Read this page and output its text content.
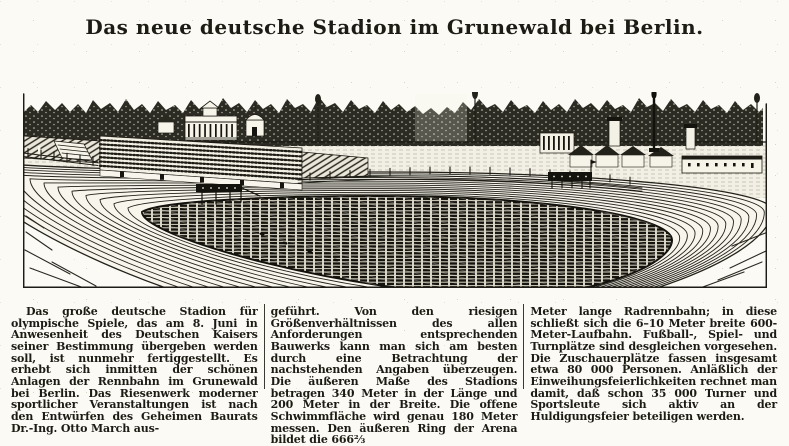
Das neue deutsche Stadion im Grunewald bei Berlin.

Das große deutsche Stadion für olympische Spiele, das am 8. Juni in Anwesenheit des Deutschen Kaisers seiner Bestimmung übergeben werden soll, ist nunmehr fertiggestellt. Es erhebt sich inmitten der schönen Anlagen der Rennbahn im Grunewald bei Berlin. Das Riesenwerk moderner sportlicher Veranstaltungen ist nach den Entwürfen des Geheimen Baurats Dr.-Ing. Otto March aus-

geführt. Von den riesigen Größenverhältnissen des allen Anforderungen entsprechenden Bauwerks kann man sich am besten durch eine Betrachtung der nachstehenden Angaben überzeugen. Die äußeren Maße des Stadions betragen 340 Meter in der Länge und 200 Meter in der Breite. Die offene Schwimmfläche wird genau 180 Meter messen. Den äußeren Ring der Arena bildet die 666⅔

Meter lange Radrennbahn; in diese schließt sich die 6–10 Meter breite 600-Meter-Laufbahn. Fußball-, Spiel- und Turnplätze sind desgleichen vorgesehen. Die Zuschauerplätze fassen insgesamt etwa 80 000 Personen. Anläßlich der Einweihungsfeierlichkeiten rechnet man damit, daß schon 35 000 Turner und Sportsleute sich aktiv an der Huldigungsfeier beteiligen werden.
